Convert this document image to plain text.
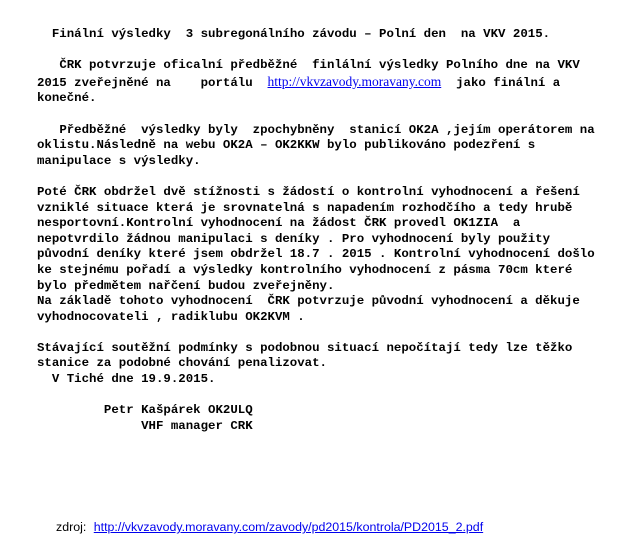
Finální výsledky  3 subregonálního závodu – Polní den  na VKV 2015.

ČRK potvrzuje oficalní předběžné  finlální výsledky Polního dne na VKV 2015 zveřejněné na    portálu  http://vkvzavody.moravany.com  jako finální a konečné.

Předběžné  výsledky byly  zpochybněny  stanicí OK2A ,jejím operátorem na oklistu.Následně na webu OK2A – OK2KKW bylo publikováno podezření s manipulace s výsledky.

Poté ČRK obdržel dvě stížnosti s žádostí o kontrolní vyhodnocení a řešení vzniklé situace která je srovnatelná s napadením rozhodčího a tedy hrubě nesportovní.Kontrolní vyhodnocení na žádost ČRK provedl OK1ZIA  a nepotvrdilo žádnou manipulaci s deníky . Pro vyhodnocení byly použity původní deníky které jsem obdržel 18.7 . 2015 . Kontrolní vyhodnocení došlo ke stejnému pořadí a výsledky kontrolního vyhodnocení z pásma 70cm které bylo předmětem nařčení budou zveřejněny.
Na základě tohoto vyhodnocení  ČRK potvrzuje původní vyhodnocení a děkuje vyhodnocovateli , radiklubu OK2KVM .

Stávající soutěžní podmínky s podobnou situací nepočítají tedy lze těžko stanice za podobné chování penalizovat.
V Tiché dne 19.9.2015.

Petr Kašpárek OK2ULQ

VHF manager CRK

zdroj: http://vkvzavody.moravany.com/zavody/pd2015/kontrola/PD2015_2.pdf
